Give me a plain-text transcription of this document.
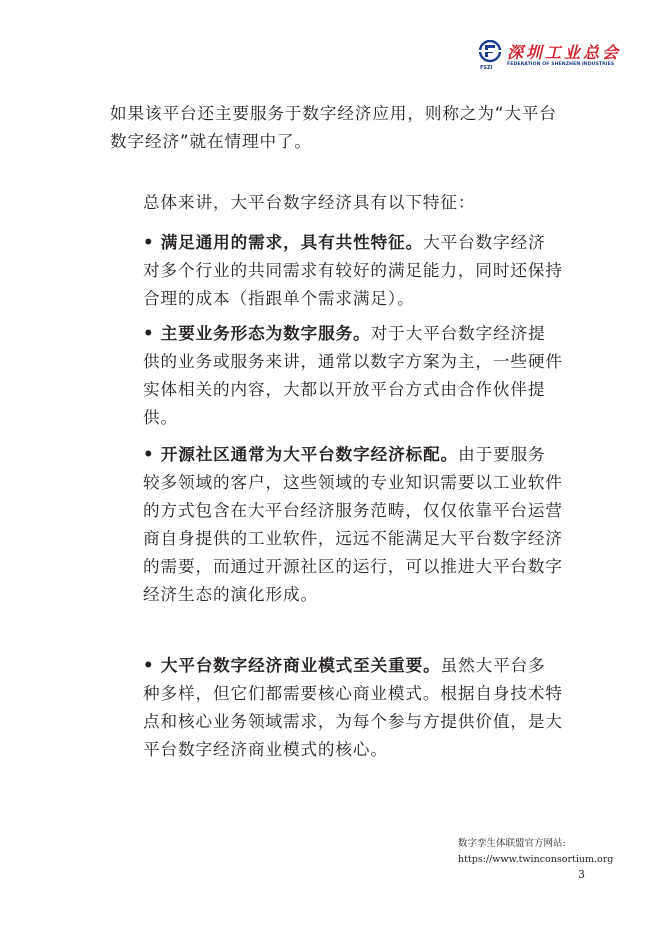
FSZI
深圳工业总会
FEDERATION OF SHENZHEN INDUSTRIES

如果该平台还主要服务于数字经济应用，则称之为“大平台数字经济”就在情理中了。

总体来讲，大平台数字经济具有以下特征：

• 满足通用的需求，具有共性特征。大平台数字经济对多个行业的共同需求有较好的满足能力，同时还保持合理的成本（指跟单个需求满足）。

• 主要业务形态为数字服务。对于大平台数字经济提供的业务或服务来讲，通常以数字方案为主，一些硬件实体相关的内容，大都以开放平台方式由合作伙伴提供。

• 开源社区通常为大平台数字经济标配。由于要服务较多领域的客户，这些领域的专业知识需要以工业软件的方式包含在大平台经济服务范畴，仅仅依靠平台运营商自身提供的工业软件，远远不能满足大平台数字经济的需要，而通过开源社区的运行，可以推进大平台数字经济生态的演化形成。

• 大平台数字经济商业模式至关重要。虽然大平台多种多样，但它们都需要核心商业模式。根据自身技术特点和核心业务领域需求，为每个参与方提供价值，是大平台数字经济商业模式的核心。

数字孪生体联盟官方网站:
https://www.twinconsortium.org
3
